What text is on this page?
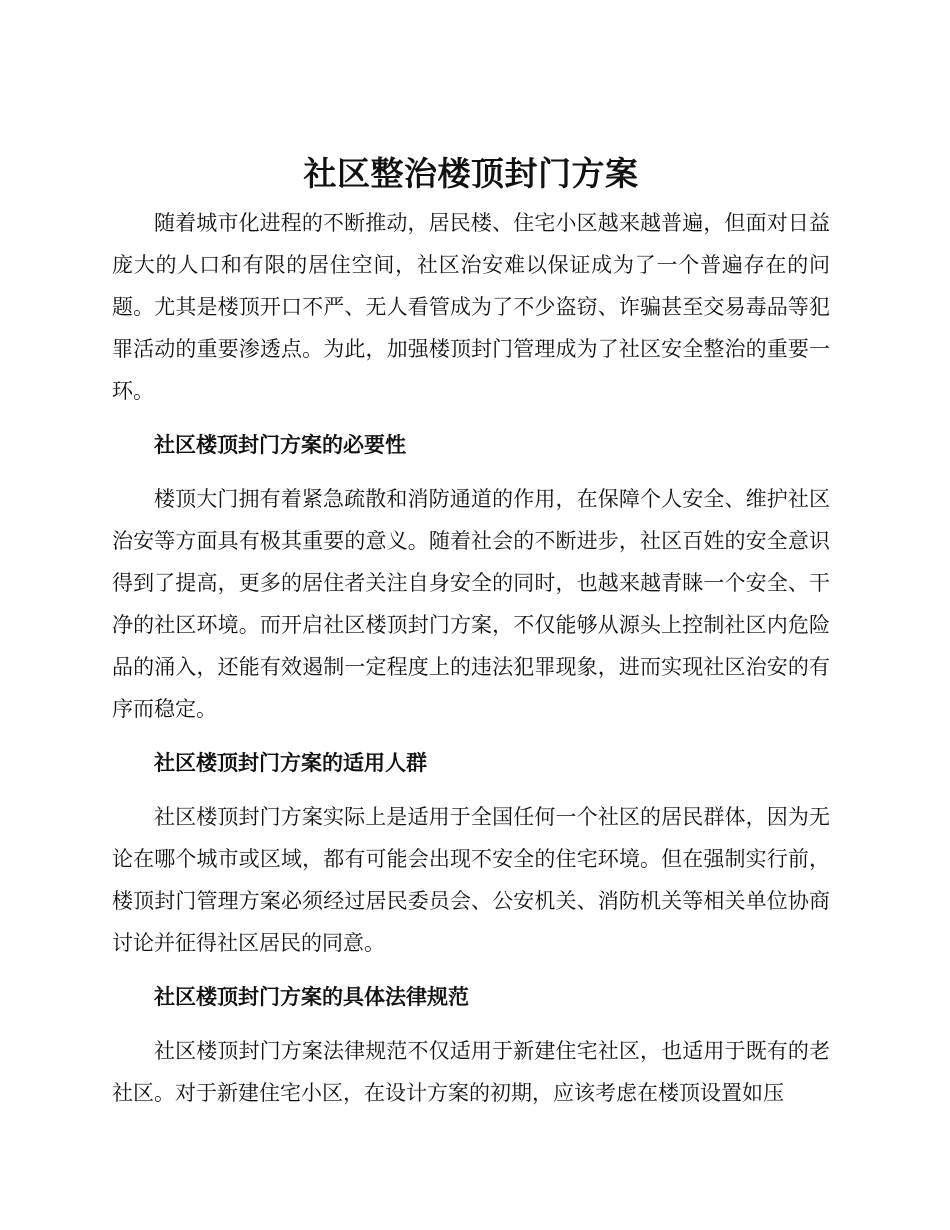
社区整治楼顶封门方案

随着城市化进程的不断推动，居民楼、住宅小区越来越普遍，但面对日益庞大的人口和有限的居住空间，社区治安难以保证成为了一个普遍存在的问题。尤其是楼顶开口不严、无人看管成为了不少盗窃、诈骗甚至交易毒品等犯罪活动的重要渗透点。为此，加强楼顶封门管理成为了社区安全整治的重要一环。

社区楼顶封门方案的必要性

楼顶大门拥有着紧急疏散和消防通道的作用，在保障个人安全、维护社区治安等方面具有极其重要的意义。随着社会的不断进步，社区百姓的安全意识得到了提高，更多的居住者关注自身安全的同时，也越来越青睐一个安全、干净的社区环境。而开启社区楼顶封门方案，不仅能够从源头上控制社区内危险品的涌入，还能有效遏制一定程度上的违法犯罪现象，进而实现社区治安的有序而稳定。

社区楼顶封门方案的适用人群

社区楼顶封门方案实际上是适用于全国任何一个社区的居民群体，因为无论在哪个城市或区域，都有可能会出现不安全的住宅环境。但在强制实行前，楼顶封门管理方案必须经过居民委员会、公安机关、消防机关等相关单位协商讨论并征得社区居民的同意。

社区楼顶封门方案的具体法律规范

社区楼顶封门方案法律规范不仅适用于新建住宅社区，也适用于既有的老社区。对于新建住宅小区，在设计方案的初期，应该考虑在楼顶设置如压
